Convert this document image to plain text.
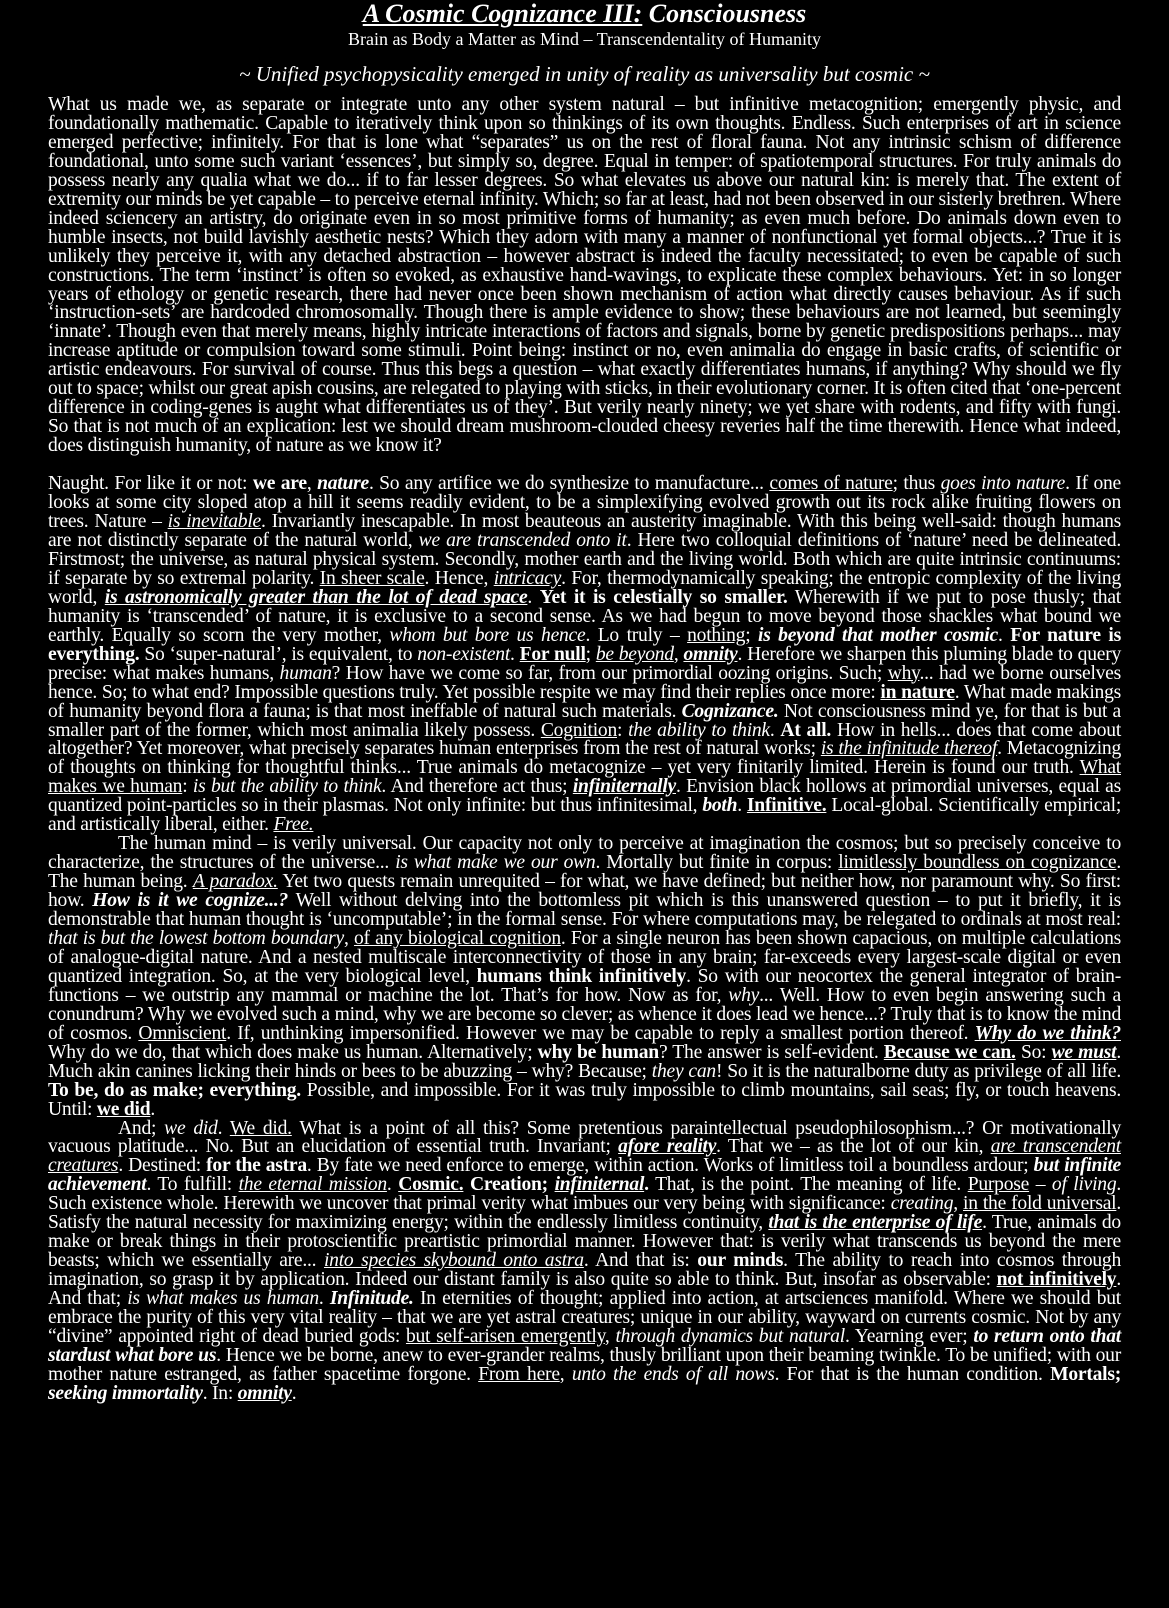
A Cosmic Cognizance III: Consciousness

Brain as Body a Matter as Mind – Transcendentality of Humanity

~ Unified psychopysicality emerged in unity of reality as universality but cosmic ~

What us made we, as separate or integrate unto any other system natural – but infinitive metacognition; emergently physic, and foundationally mathematic. Capable to iteratively think upon so thinkings of its own thoughts. Endless. Such enterprises of art in science emerged perfective; infinitely. For that is lone what “separates” us on the rest of floral fauna. Not any intrinsic schism of difference foundational, unto some such variant ‘essences’, but simply so, degree. Equal in temper: of spatiotemporal structures. For truly animals do possess nearly any qualia what we do... if to far lesser degrees. So what elevates us above our natural kin: is merely that. The extent of extremity our minds be yet capable – to perceive eternal infinity. Which; so far at least, had not been observed in our sisterly brethren. Where indeed sciencery an artistry, do originate even in so most primitive forms of humanity; as even much before. Do animals down even to humble insects, not build lavishly aesthetic nests? Which they adorn with many a manner of nonfunctional yet formal objects...? True it is unlikely they perceive it, with any detached abstraction – however abstract is indeed the faculty necessitated; to even be capable of such constructions. The term ‘instinct’ is often so evoked, as exhaustive hand-wavings, to explicate these complex behaviours. Yet: in so longer years of ethology or genetic research, there had never once been shown mechanism of action what directly causes behaviour. As if such ‘instruction-sets’ are hardcoded chromosomally. Though there is ample evidence to show; these behaviours are not learned, but seemingly ‘innate’. Though even that merely means, highly intricate interactions of factors and signals, borne by genetic predispositions perhaps... may increase aptitude or compulsion toward some stimuli. Point being: instinct or no, even animalia do engage in basic crafts, of scientific or artistic endeavours. For survival of course. Thus this begs a question – what exactly differentiates humans, if anything? Why should we fly out to space; whilst our great apish cousins, are relegated to playing with sticks, in their evolutionary corner. It is often cited that ‘one-percent difference in coding-genes is aught what differentiates us of they’. But verily nearly ninety; we yet share with rodents, and fifty with fungi. So that is not much of an explication: lest we should dream mushroom-clouded cheesy reveries half the time therewith. Hence what indeed, does distinguish humanity, of nature as we know it?

Naught. For like it or not: we are, nature. So any artifice we do synthesize to manufacture... comes of nature; thus goes into nature. If one looks at some city sloped atop a hill it seems readily evident, to be a simplexifying evolved growth out its rock alike fruiting flowers on trees. Nature – is inevitable. Invariantly inescapable. In most beauteous an austerity imaginable. With this being well-said: though humans are not distinctly separate of the natural world, we are transcended onto it. Here two colloquial definitions of ‘nature’ need be delineated. Firstmost; the universe, as natural physical system. Secondly, mother earth and the living world. Both which are quite intrinsic continuums: if separate by so extremal polarity. In sheer scale. Hence, intricacy. For, thermodynamically speaking; the entropic complexity of the living world, is astronomically greater than the lot of dead space. Yet it is celestially so smaller. Wherewith if we put to pose thusly; that humanity is ‘transcended’ of nature, it is exclusive to a second sense. As we had begun to move beyond those shackles what bound we earthly. Equally so scorn the very mother, whom but bore us hence. Lo truly – nothing; is beyond that mother cosmic. For nature is everything. So ‘super-natural’, is equivalent, to non-existent. For null; be beyond, omnity. Herefore we sharpen this pluming blade to query precise: what makes humans, human? How have we come so far, from our primordial oozing origins. Such; why... had we borne ourselves hence. So; to what end? Impossible questions truly. Yet possible respite we may find their replies once more: in nature. What made makings of humanity beyond flora a fauna; is that most ineffable of natural such materials. Cognizance. Not consciousness mind ye, for that is but a smaller part of the former, which most animalia likely possess. Cognition: the ability to think. At all. How in hells... does that come about altogether? Yet moreover, what precisely separates human enterprises from the rest of natural works; is the infinitude thereof. Metacognizing of thoughts on thinking for thoughtful thinks... True animals do metacognize – yet very finitarily limited. Herein is found our truth. What makes we human: is but the ability to think. And therefore act thus; infiniternally. Envision black hollows at primordial universes, equal as quantized point-particles so in their plasmas. Not only infinite: but thus infinitesimal, both. Infinitive. Local-global. Scientifically empirical; and artistically liberal, either. Free.
The human mind – is verily universal. Our capacity not only to perceive at imagination the cosmos; but so precisely conceive to characterize, the structures of the universe... is what make we our own. Mortally but finite in corpus: limitlessly boundless on cognizance. The human being. A paradox. Yet two quests remain unrequited – for what, we have defined; but neither how, nor paramount why. So first: how. How is it we cognize...? Well without delving into the bottomless pit which is this unanswered question – to put it briefly, it is demonstrable that human thought is ‘uncomputable’; in the formal sense. For where computations may, be relegated to ordinals at most real: that is but the lowest bottom boundary, of any biological cognition. For a single neuron has been shown capacious, on multiple calculations of analogue-digital nature. And a nested multiscale interconnectivity of those in any brain; far-exceeds every largest-scale digital or even quantized integration. So, at the very biological level, humans think infinitively. So with our neocortex the general integrator of brain-functions – we outstrip any mammal or machine the lot. That’s for how. Now as for, why... Well. How to even begin answering such a conundrum? Why we evolved such a mind, why we are become so clever; as whence it does lead we hence...? Truly that is to know the mind of cosmos. Omniscient. If, unthinking impersonified. However we may be capable to reply a smallest portion thereof. Why do we think? Why do we do, that which does make us human. Alternatively; why be human? The answer is self-evident. Because we can. So: we must. Much akin canines licking their hinds or bees to be abuzzing – why? Because; they can! So it is the naturalborne duty as privilege of all life. To be, do as make; everything. Possible, and impossible. For it was truly impossible to climb mountains, sail seas; fly, or touch heavens. Until: we did.
And; we did. We did. What is a point of all this? Some pretentious paraintellectual pseudophilosophism...? Or motivationally vacuous platitude... No. But an elucidation of essential truth. Invariant; afore reality. That we – as the lot of our kin, are transcendent creatures. Destined: for the astra. By fate we need enforce to emerge, within action. Works of limitless toil a boundless ardour; but infinite achievement. To fulfill: the eternal mission. Cosmic. Creation; infiniternal. That, is the point. The meaning of life. Purpose – of living. Such existence whole. Herewith we uncover that primal verity what imbues our very being with significance: creating, in the fold universal. Satisfy the natural necessity for maximizing energy; within the endlessly limitless continuity, that is the enterprise of life. True, animals do make or break things in their protoscientific preartistic primordial manner. However that: is verily what transcends us beyond the mere beasts; which we essentially are... into species skybound onto astra. And that is: our minds. The ability to reach into cosmos through imagination, so grasp it by application. Indeed our distant family is also quite so able to think. But, insofar as observable: not infinitively. And that; is what makes us human. Infinitude. In eternities of thought; applied into action, at artsciences manifold. Where we should but embrace the purity of this very vital reality – that we are yet astral creatures; unique in our ability, wayward on currents cosmic. Not by any “divine” appointed right of dead buried gods: but self-arisen emergently, through dynamics but natural. Yearning ever; to return onto that stardust what bore us. Hence we be borne, anew to ever-grander realms, thusly brilliant upon their beaming twinkle. To be unified; with our mother nature estranged, as father spacetime forgone. From here, unto the ends of all nows. For that is the human condition. Mortals; seeking immortality. In: omnity.
